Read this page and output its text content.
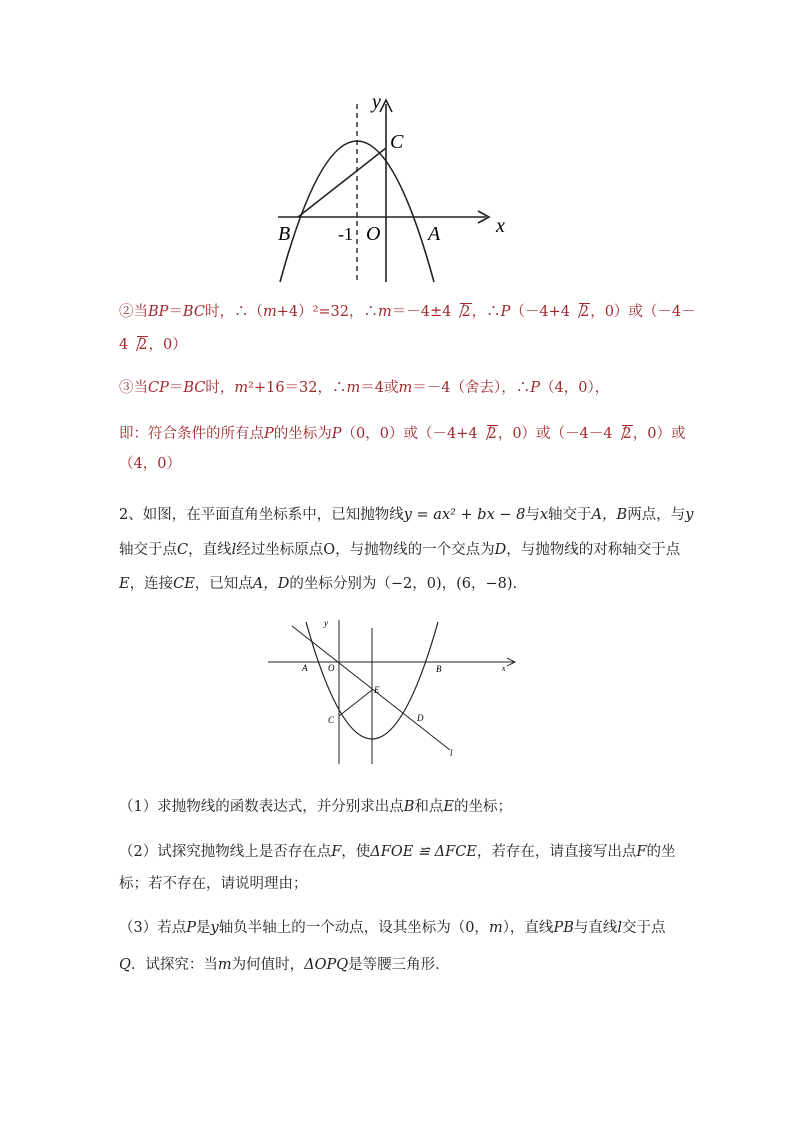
y
x
C
B	-1 O A
②当BP＝BC时，∴（m+4）²=32，∴m＝－4±4 2，∴P（－4+4 2，0）或（－4－
4 2，0）
③当CP＝BC时，m²+16＝32，∴m＝4或m＝－4（舍去），∴P（4，0），
即：符合条件的所有点P的坐标为P（0，0）或（－4+4 2，0）或（－4－4 2，0）或
（4，0）
2、如图，在平面直角坐标系中，已知抛物线y = ax² + bx − 8与x轴交于A，B两点，与y
轴交于点C，直线l经过坐标原点O，与抛物线的一个交点为D，与抛物线的对称轴交于点
E，连接CE，已知点A，D的坐标分别为（−2，0)，(6，−8).
y
A O	B	x
E
C	D
l
（1）求抛物线的函数表达式，并分别求出点B和点E的坐标；
（2）试探究抛物线上是否存在点F，使ΔFOE ≌ ΔFCE，若存在，请直接写出点F的坐
标；若不存在，请说明理由；
（3）若点P是y轴负半轴上的一个动点，设其坐标为（0，m），直线PB与直线l交于点
Q．试探究：当m为何值时，ΔOPQ是等腰三角形．
